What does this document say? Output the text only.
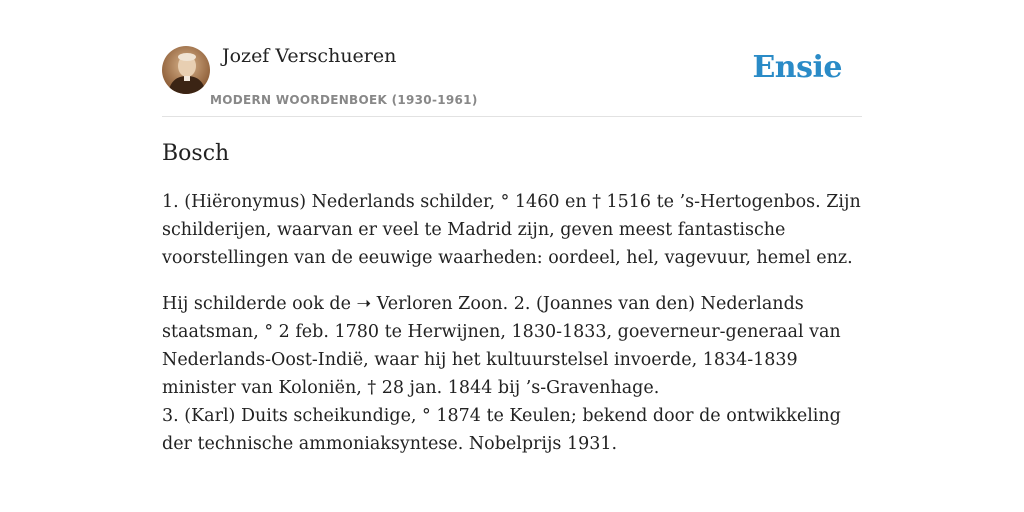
Jozef Verschueren
MODERN WOORDENBOEK (1930-1961)
Ensie
Bosch

1. (Hiëronymus) Nederlands schilder, ° 1460 en † 1516 te ’s-Hertogenbos. Zijn schilderijen, waarvan er veel te Madrid zijn, geven meest fantastische voorstellingen van de eeuwige waarheden: oordeel, hel, vagevuur, hemel enz.

Hij schilderde ook de ➝ Verloren Zoon. 2. (Joannes van den) Nederlands staatsman, ° 2 feb. 1780 te Herwijnen, 1830-1833, goeverneur-generaal van Nederlands-Oost-Indië, waar hij het kultuurstelsel invoerde, 1834-1839 minister van Koloniën, † 28 jan. 1844 bij ’s-Gravenhage.

3. (Karl) Duits scheikundige, ° 1874 te Keulen; bekend door de ontwikkeling der technische ammoniaksyntese. Nobelprijs 1931.
